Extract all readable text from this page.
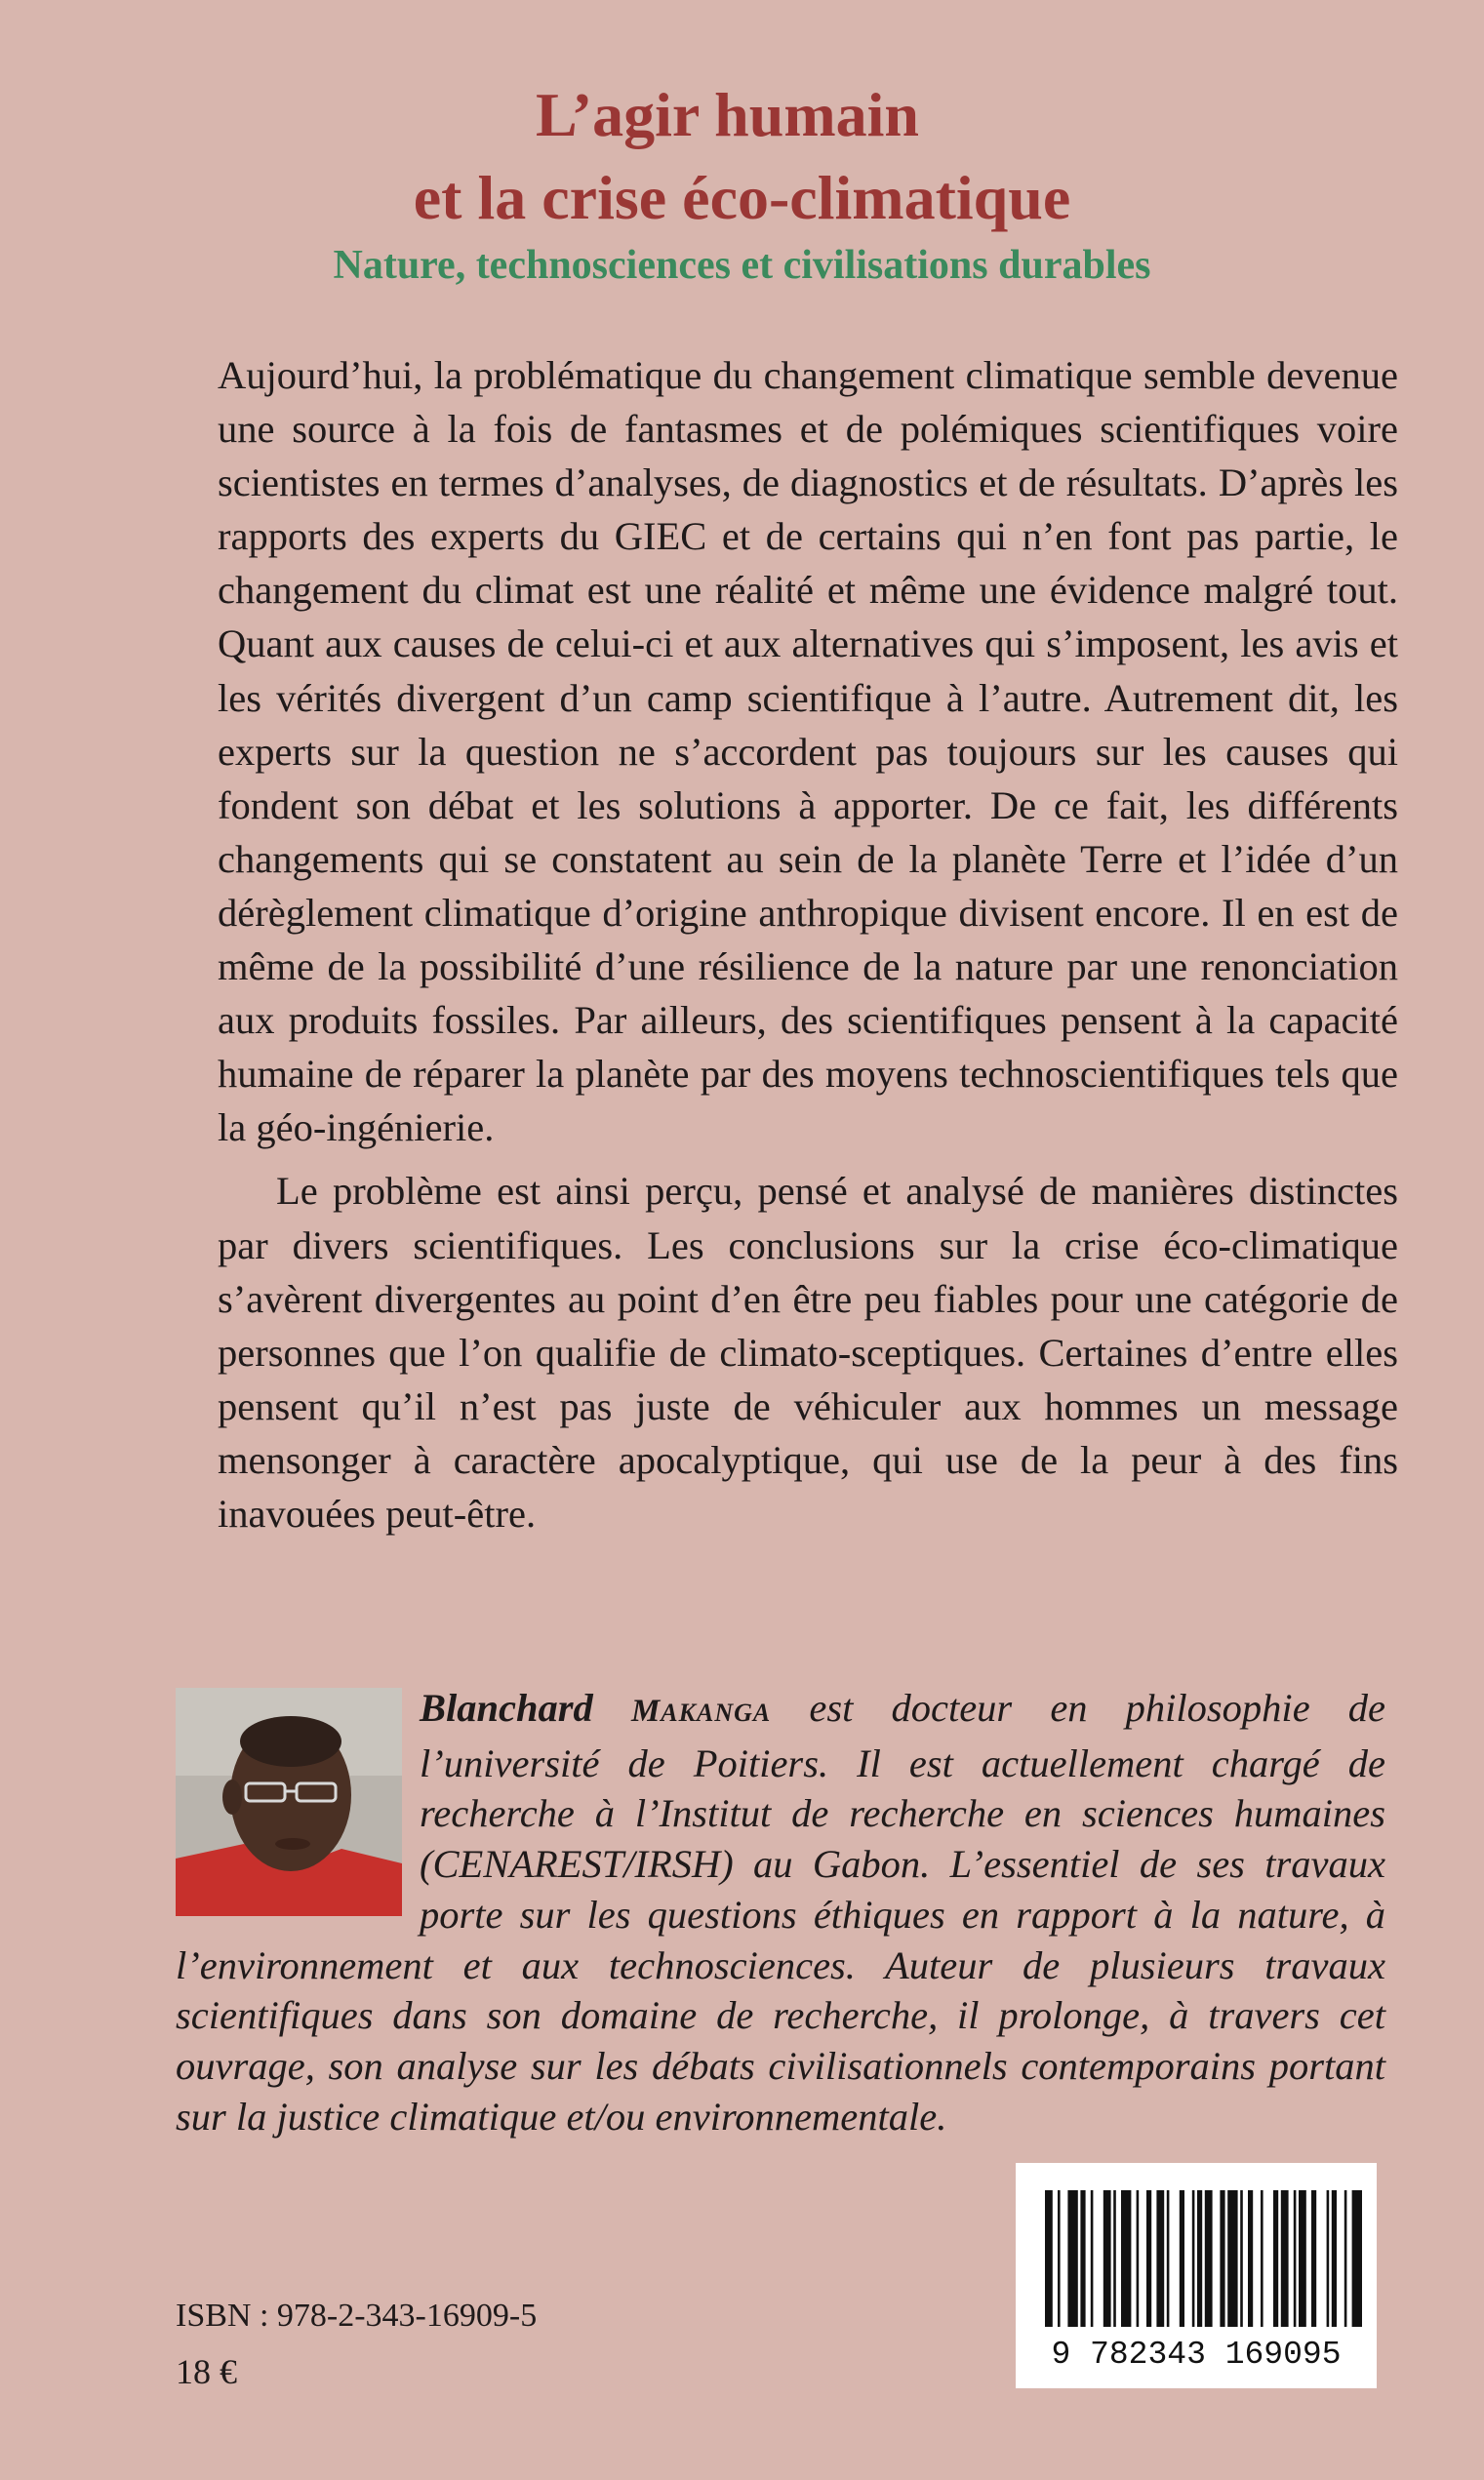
L’agir humain
et la crise éco-climatique
Nature, technosciences et civilisations durables

Aujourd’hui, la problématique du changement climatique semble devenue une source à la fois de fantasmes et de polémiques scientifiques voire scientistes en termes d’analyses, de diagnostics et de résultats. D’après les rapports des experts du GIEC et de certains qui n’en font pas partie, le changement du climat est une réalité et même une évidence malgré tout. Quant aux causes de celui-ci et aux alternatives qui s’imposent, les avis et les vérités divergent d’un camp scientifique à l’autre. Autrement dit, les experts sur la question ne s’accordent pas toujours sur les causes qui fondent son débat et les solutions à apporter. De ce fait, les différents changements qui se constatent au sein de la planète Terre et l’idée d’un dérèglement climatique d’origine anthropique divisent encore. Il en est de même de la possibilité d’une résilience de la nature par une renonciation aux produits fossiles. Par ailleurs, des scientifiques pensent à la capacité humaine de réparer la planète par des moyens technoscientifiques tels que la géo-ingénierie.

Le problème est ainsi perçu, pensé et analysé de manières distinctes par divers scientifiques. Les conclusions sur la crise éco-climatique s’avèrent divergentes au point d’en être peu fiables pour une catégorie de personnes que l’on qualifie de climato-sceptiques. Certaines d’entre elles pensent qu’il n’est pas juste de véhiculer aux hommes un message mensonger à caractère apocalyptique, qui use de la peur à des fins inavouées peut-être.

Blanchard MAKANGA est docteur en philosophie de l’université de Poitiers. Il est actuellement chargé de recherche à l’Institut de recherche en sciences humaines (CENAREST/IRSH) au Gabon. L’essentiel de ses travaux porte sur les questions éthiques en rapport à la nature, à l’environnement et aux technosciences. Auteur de plusieurs travaux scientifiques dans son domaine de recherche, il prolonge, à travers cet ouvrage, son analyse sur les débats civilisationnels contemporains portant sur la justice climatique et/ou environnementale.
ISBN : 978-2-343-16909-5
18 €	9 782343 169095
